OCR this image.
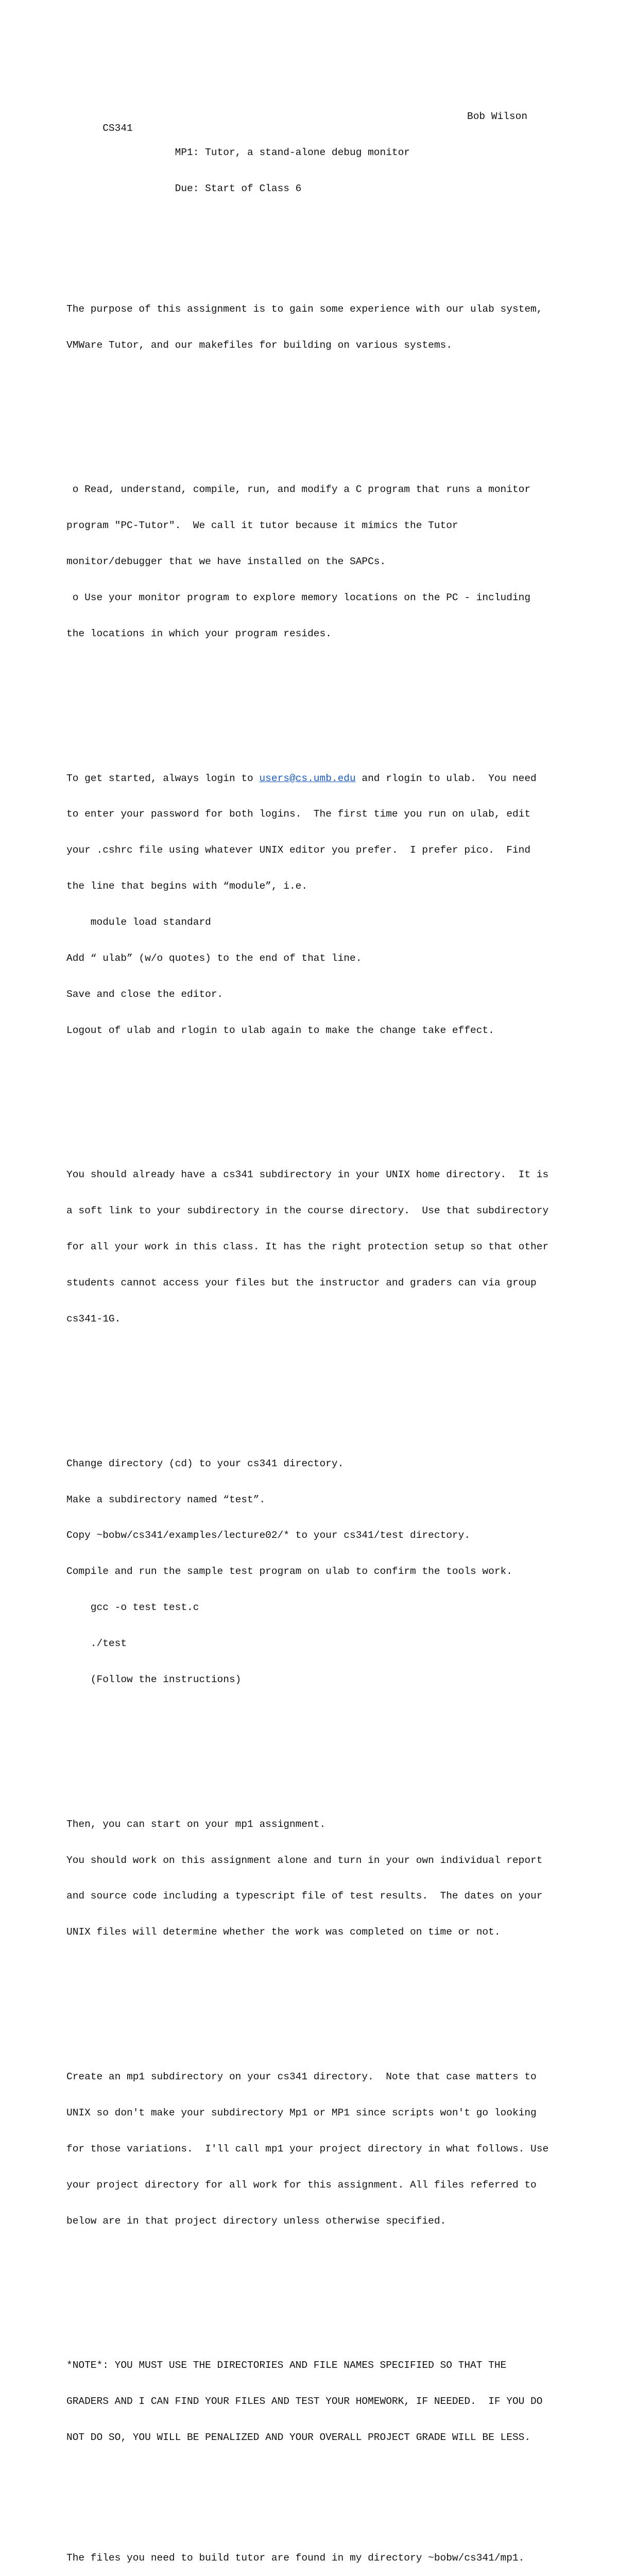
CS341

Bob Wilson

MP1: Tutor, a stand-alone debug monitor

Due: Start of Class 6

The purpose of this assignment is to gain some experience with our ulab system,

VMWare Tutor, and our makefiles for building on various systems.

o Read, understand, compile, run, and modify a C program that runs a monitor

program "PC-Tutor".  We call it tutor because it mimics the Tutor

monitor/debugger that we have installed on the SAPCs.

o Use your monitor program to explore memory locations on the PC - including

the locations in which your program resides.

To get started, always login to users@cs.umb.edu and rlogin to ulab.  You need

to enter your password for both logins.  The first time you run on ulab, edit

your .cshrc file using whatever UNIX editor you prefer.  I prefer pico.  Find

the line that begins with “module”, i.e.

module load standard

Add “ ulab” (w/o quotes) to the end of that line.

Save and close the editor.

Logout of ulab and rlogin to ulab again to make the change take effect.

You should already have a cs341 subdirectory in your UNIX home directory.  It is

a soft link to your subdirectory in the course directory.  Use that subdirectory

for all your work in this class. It has the right protection setup so that other

students cannot access your files but the instructor and graders can via group

cs341-1G.

Change directory (cd) to your cs341 directory.

Make a subdirectory named “test”.

Copy ~bobw/cs341/examples/lecture02/* to your cs341/test directory.

Compile and run the sample test program on ulab to confirm the tools work.

gcc -o test test.c

./test

(Follow the instructions)

Then, you can start on your mp1 assignment.

You should work on this assignment alone and turn in your own individual report

and source code including a typescript file of test results.  The dates on your

UNIX files will determine whether the work was completed on time or not.

Create an mp1 subdirectory on your cs341 directory.  Note that case matters to

UNIX so don't make your subdirectory Mp1 or MP1 since scripts won't go looking

for those variations.  I'll call mp1 your project directory in what follows. Use

your project directory for all work for this assignment. All files referred to

below are in that project directory unless otherwise specified.

*NOTE*: YOU MUST USE THE DIRECTORIES AND FILE NAMES SPECIFIED SO THAT THE

GRADERS AND I CAN FIND YOUR FILES AND TEST YOUR HOMEWORK, IF NEEDED.  IF YOU DO

NOT DO SO, YOU WILL BE PENALIZED AND YOUR OVERALL PROJECT GRADE WILL BE LESS.

The files you need to build tutor are found in my directory ~bobw/cs341/mp1.
